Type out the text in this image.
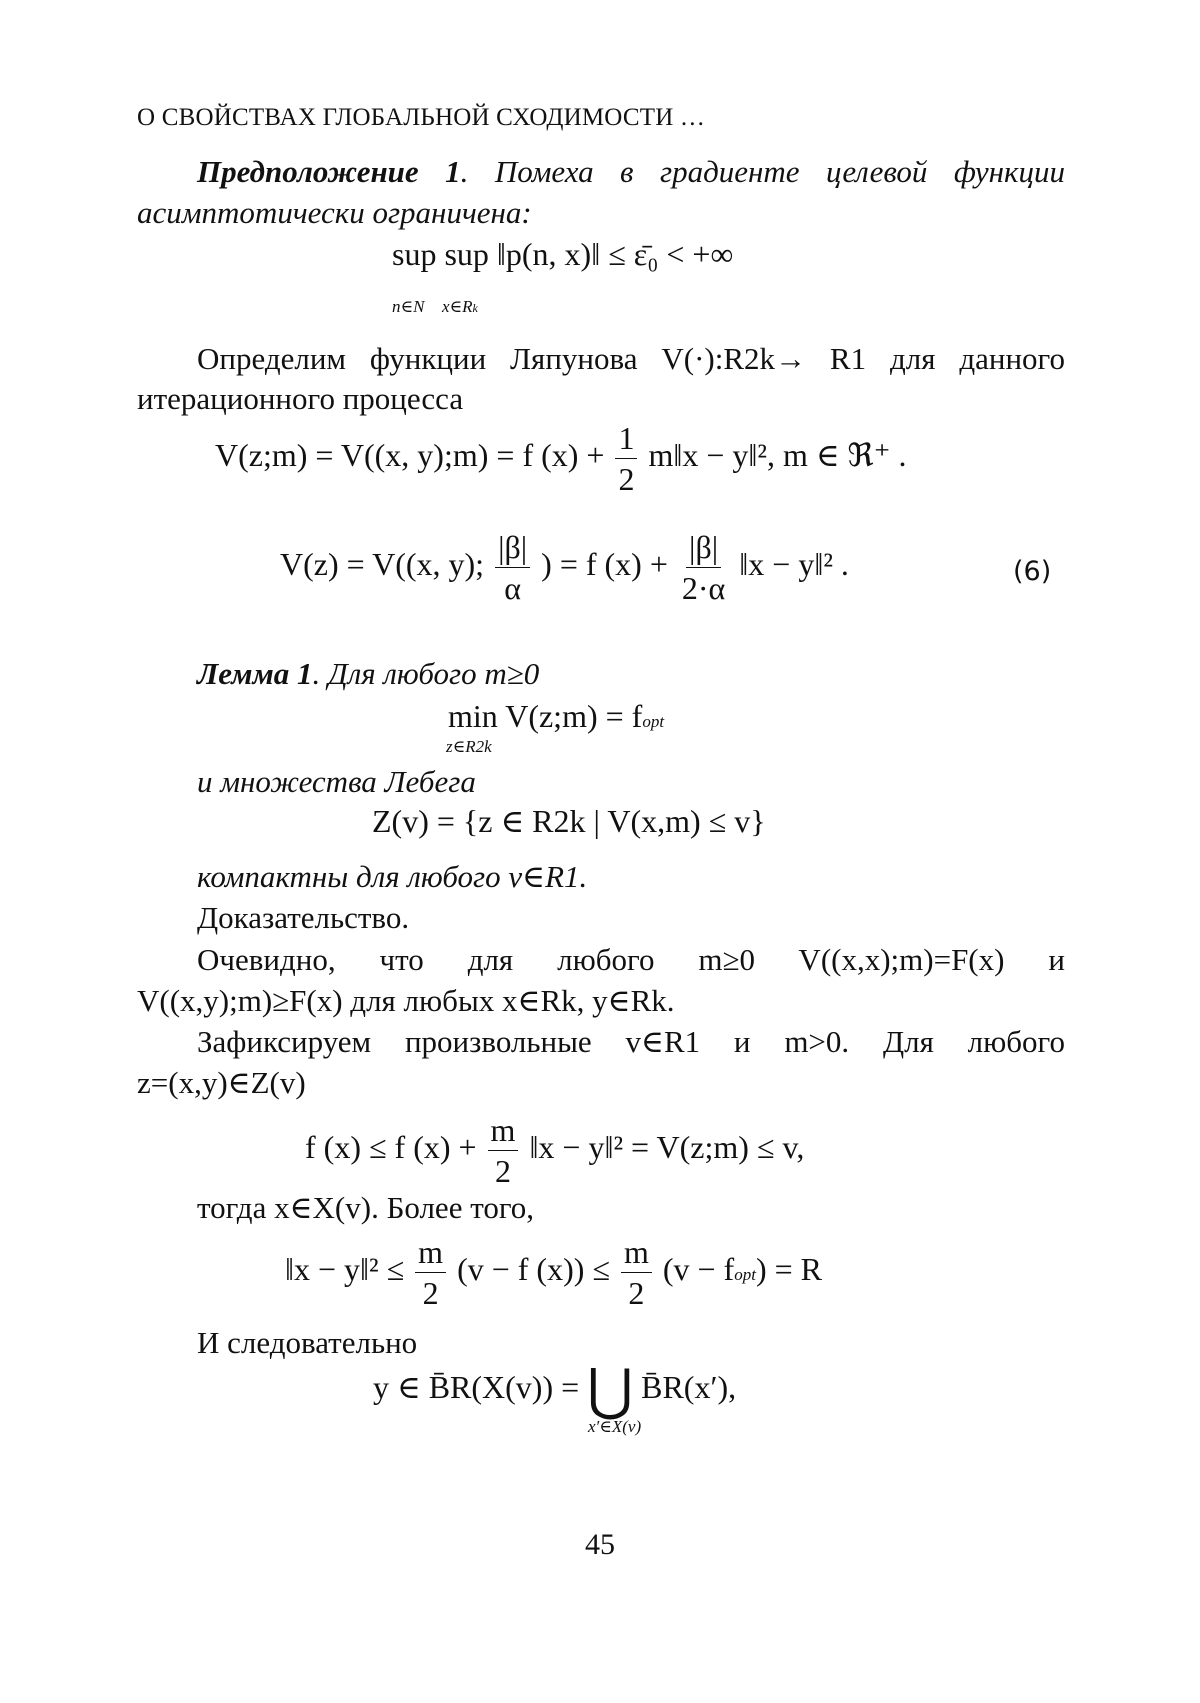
О СВОЙСТВАХ ГЛОБАЛЬНОЙ СХОДИМОСТИ …
Предположение 1. Помеха в градиенте целевой функции
асимптотически ограничена:
sup sup ‖p(n, x)‖ ≤ ε̄₀ < +∞
n∈N x∈Rk
Определим функции Ляпунова V(·):R2k→ R1 для данного
итерационного процесса
V(z;m) = V((x, y);m) = f $(x) + \frac{1}{2}$ m‖x − y‖², m ∈ ℜ⁺ .
V(z) = V((x, y); $\frac{|\beta|}{\alpha}$ ) = f $(x) + \frac{|\beta|}{2\cdot\alpha}$ ‖x − y‖² .	(6)
Лемма 1. Для любого m≥0
min V(z;m) = fopt
z∈R2k
и множества Лебега
Z(v) = {z ∈ R2k | V(x,m) ≤ v}
компактны для любого v∈R1.
Доказательство.
Очевидно, что для любого m≥0 V((x,x);m)=F(x) и
V((x,y);m)≥F(x) для любых x∈Rk, y∈Rk.
Зафиксируем произвольные v∈R1 и m>0. Для любого
z=(x,y)∈Z(v)
f (x) ≤ f $(x) + \frac{m}{2}$ ‖x − y‖² = V(z;m) ≤ v,
тогда x∈X(v). Более того,
‖x − y‖² ≤ $\frac{m}{2} (v - f$ $(x)) \le \frac{m}{2} (v$ − fopt) = R
И следовательно
y ∈ B̄R(X(v)) = ⋃ B̄R(x′),
x′∈X(v)
45
